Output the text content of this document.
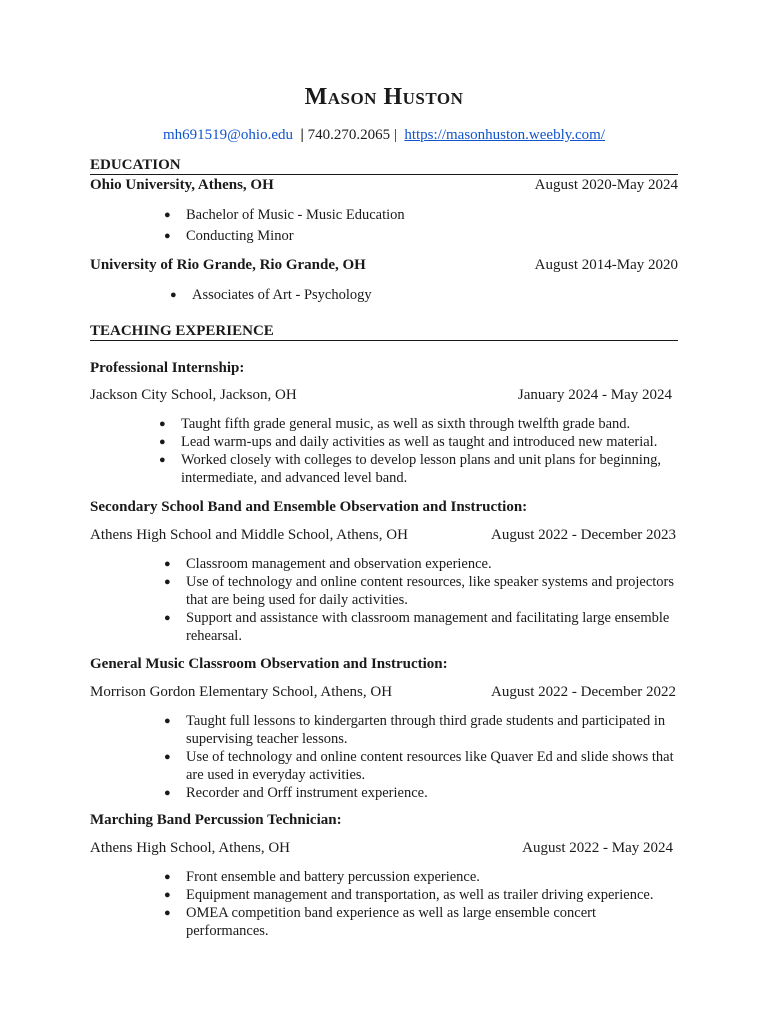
Mason Huston
mh691519@ohio.edu | 740.270.2065 | https://masonhuston.weebly.com/
EDUCATION
Ohio University, Athens, OH	August 2020-May 2024
● Bachelor of Music - Music Education
● Conducting Minor
University of Rio Grande, Rio Grande, OH	August 2014-May 2020
● Associates of Art - Psychology
TEACHING EXPERIENCE
Professional Internship:
Jackson City School, Jackson, OH	January 2024 - May 2024
● Taught fifth grade general music, as well as sixth through twelfth grade band.
● Lead warm-ups and daily activities as well as taught and introduced new material.
● Worked closely with colleges to develop lesson plans and unit plans for beginning, intermediate, and advanced level band.
Secondary School Band and Ensemble Observation and Instruction:
Athens High School and Middle School, Athens, OH	August 2022 - December 2023
● Classroom management and observation experience.
● Use of technology and online content resources, like speaker systems and projectors that are being used for daily activities.
● Support and assistance with classroom management and facilitating large ensemble rehearsal.
General Music Classroom Observation and Instruction:
Morrison Gordon Elementary School, Athens, OH	August 2022 - December 2022
● Taught full lessons to kindergarten through third grade students and participated in supervising teacher lessons.
● Use of technology and online content resources like Quaver Ed and slide shows that are used in everyday activities.
● Recorder and Orff instrument experience.
Marching Band Percussion Technician:
Athens High School, Athens, OH	August 2022 - May 2024
● Front ensemble and battery percussion experience.
● Equipment management and transportation, as well as trailer driving experience.
● OMEA competition band experience as well as large ensemble concert performances.
